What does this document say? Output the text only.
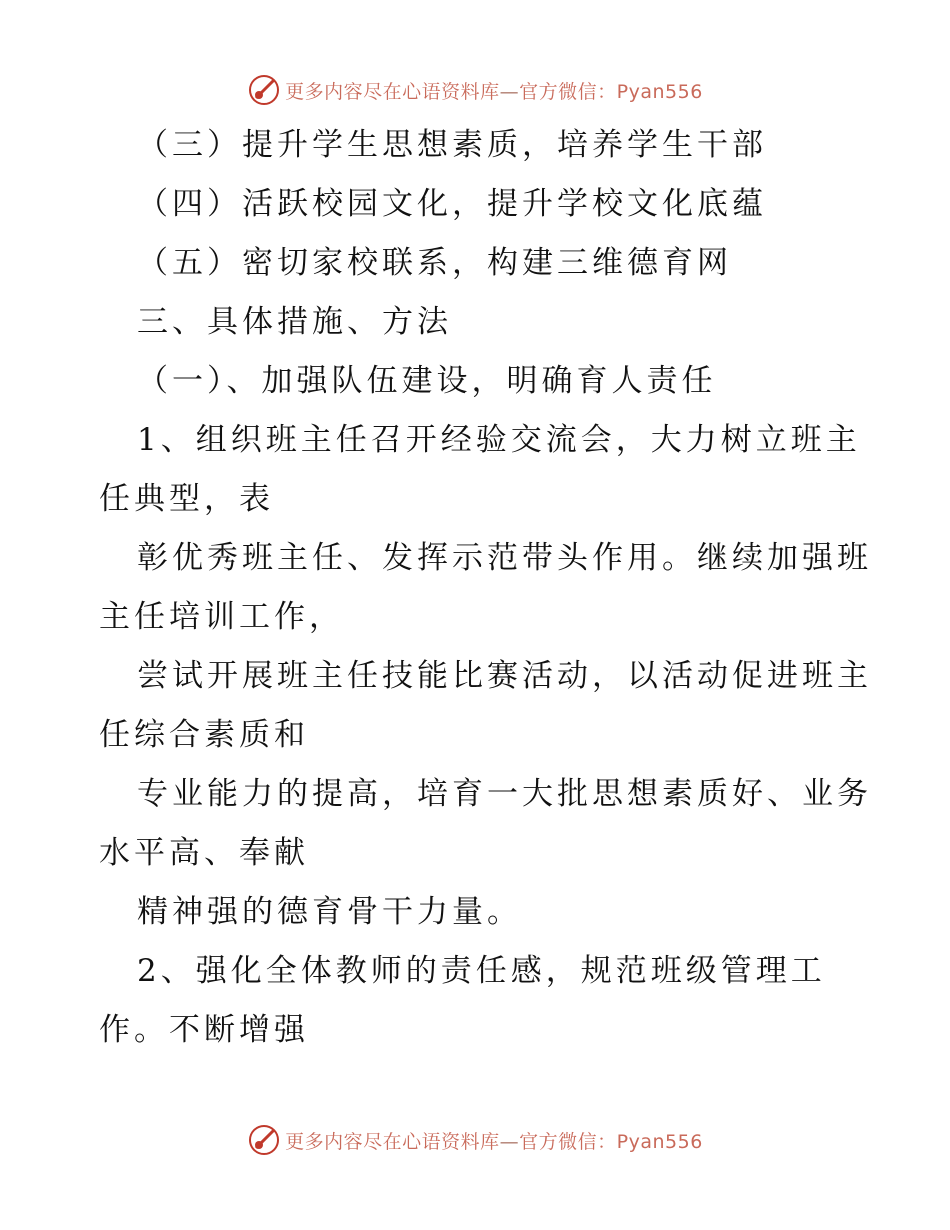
更多内容尽在心语资料库—官方微信：Pyan556
（三）提升学生思想素质，培养学生干部
（四）活跃校园文化，提升学校文化底蕴
（五）密切家校联系，构建三维德育网
三、具体措施、方法
（一）、加强队伍建设，明确育人责任
1、组织班主任召开经验交流会，大力树立班主
任典型，表
彰优秀班主任、发挥示范带头作用。继续加强班
主任培训工作，
尝试开展班主任技能比赛活动，以活动促进班主
任综合素质和
专业能力的提高，培育一大批思想素质好、业务
水平高、奉献
精神强的德育骨干力量。
2、强化全体教师的责任感，规范班级管理工
作。不断增强
更多内容尽在心语资料库—官方微信：Pyan556
